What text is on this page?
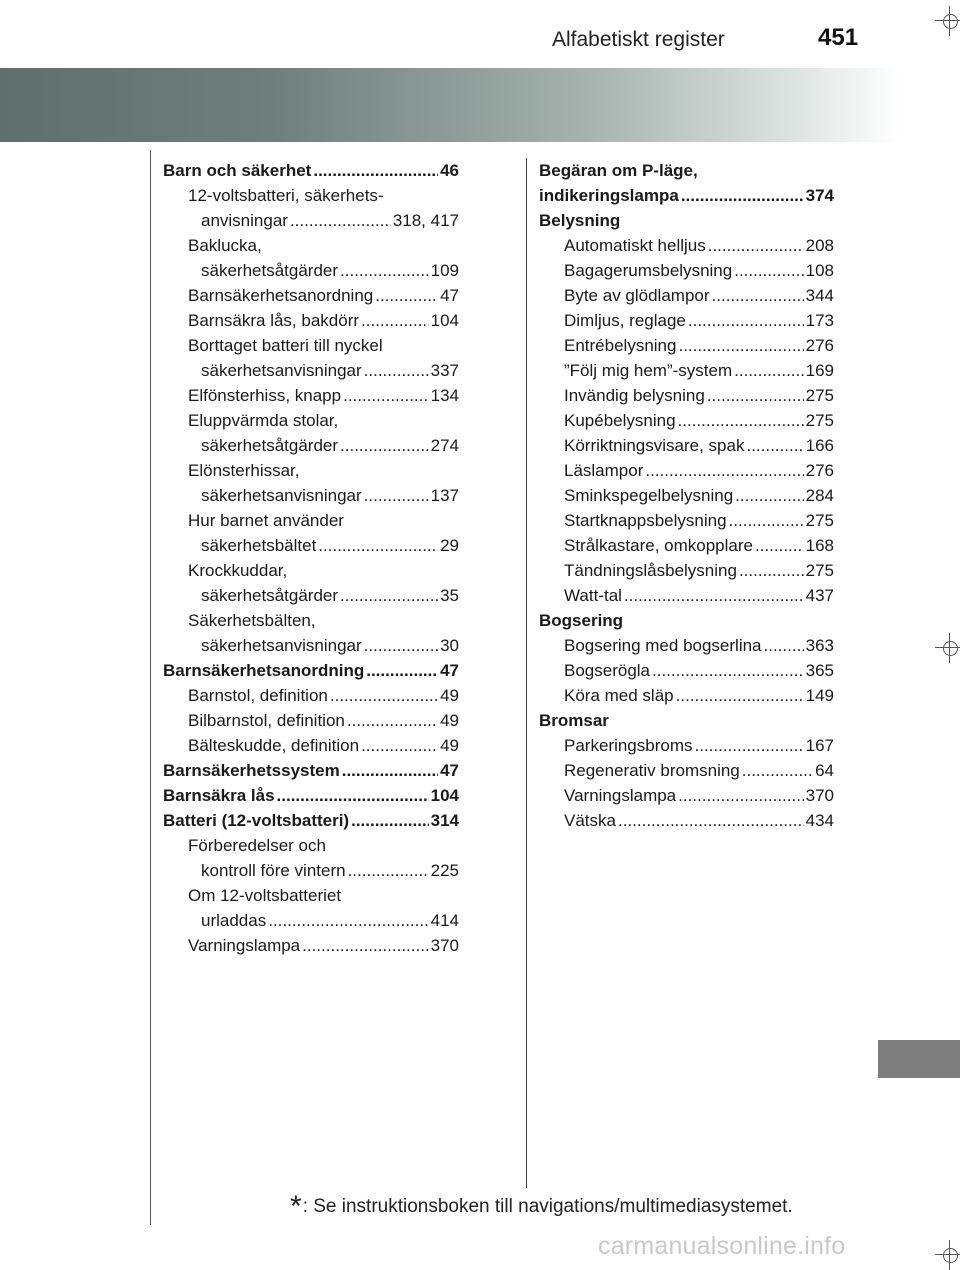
Alfabetiskt register	451
Barn och säkerhet .....	46
12-voltsbatteri, säkerhets-
anvisningar .....	318, 417
Baklucka,
säkerhetsåtgärder .....	109
Barnsäkerhetsanordning .....	47
Barnsäkra lås, bakdörr .....	104
Borttaget batteri till nyckel
säkerhetsanvisningar .....	337
Elfönsterhiss, knapp .....	134
Eluppvärmda stolar,
säkerhetsåtgärder .....	274
Elönsterhissar,
säkerhetsanvisningar .....	137
Hur barnet använder
säkerhetsbältet .....	29
Krockkuddar,
säkerhetsåtgärder .....	35
Säkerhetsbälten,
säkerhetsanvisningar .....	30
Barnsäkerhetsanordning .....	47
Barnstol, definition .....	49
Bilbarnstol, definition .....	49
Bälteskudde, definition .....	49
Barnsäkerhetssystem .....	47
Barnsäkra lås .....	104
Batteri (12-voltsbatteri) .....	314
Förberedelser och
kontroll före vintern .....	225
Om 12-voltsbatteriet
urladdas .....	414
Varningslampa .....	370
Begäran om P-läge,
indikeringslampa .....	374
Belysning
Automatiskt helljus .....	208
Bagagerumsbelysning .....	108
Byte av glödlampor .....	344
Dimljus, reglage .....	173
Entrébelysning .....	276
”Följ mig hem”-system .....	169
Invändig belysning .....	275
Kupébelysning .....	275
Körriktningsvisare, spak .....	166
Läslampor .....	276
Sminkspegelbelysning .....	284
Startknappsbelysning .....	275
Strålkastare, omkopplare .....	168
Tändningslåsbelysning .....	275
Watt-tal .....	437
Bogsering
Bogsering med bogserlina .....	363
Bogserögla .....	365
Köra med släp .....	149
Bromsar
Parkeringsbroms .....	167
Regenerativ bromsning .....	64
Varningslampa .....	370
Vätska .....	434
*: Se instruktionsboken till navigations/multimediasystemet.
carmanualsonline.info
